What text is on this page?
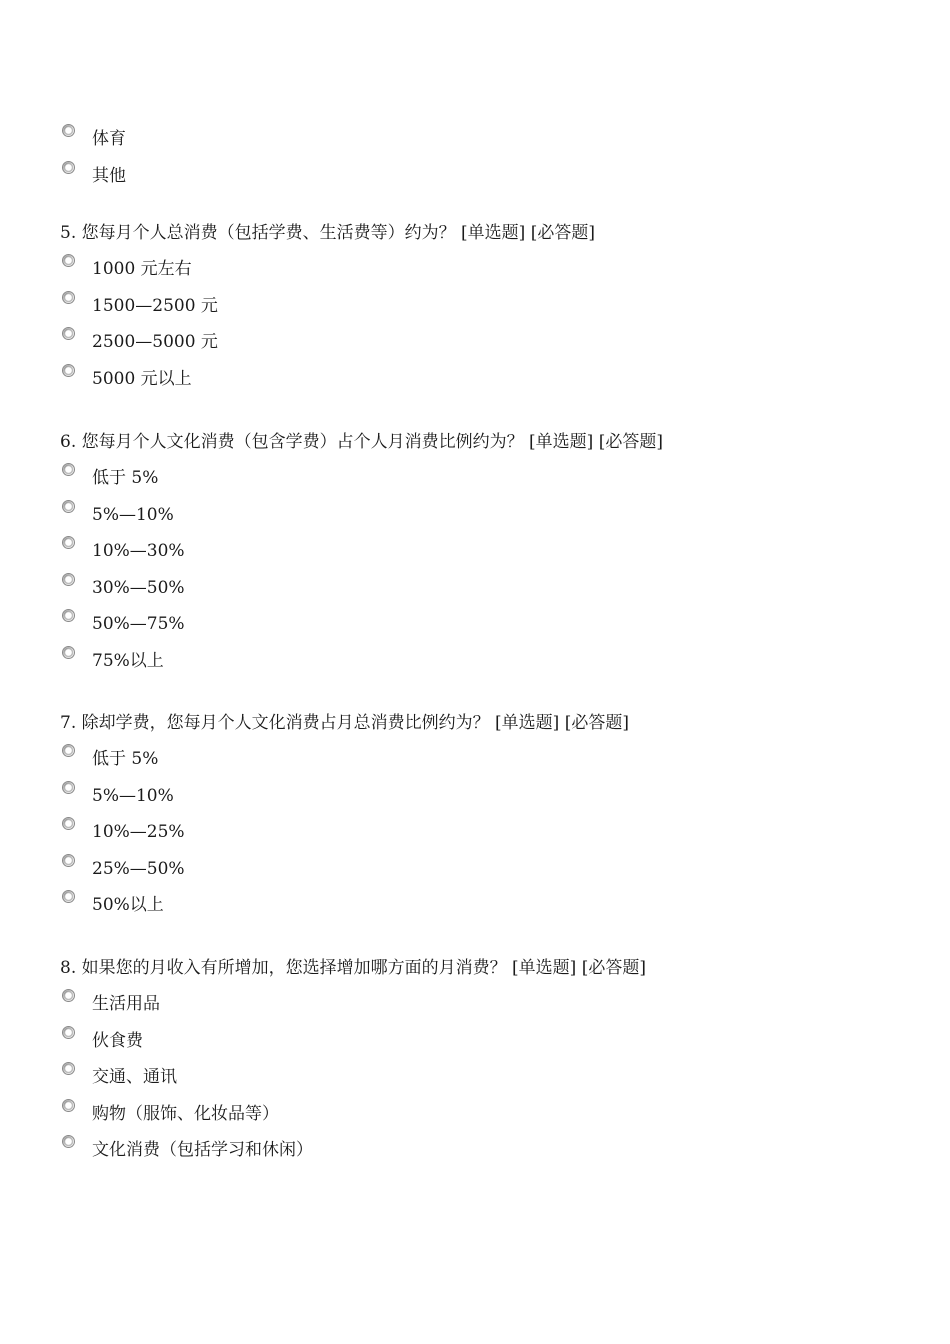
体育
其他
5. 您每月个人总消费（包括学费、生活费等）约为？ [单选题] [必答题]
1000 元左右
1500—2500 元
2500—5000 元
5000 元以上
6. 您每月个人文化消费（包含学费）占个人月消费比例约为？ [单选题] [必答题]
低于 5%
5%—10%
10%—30%
30%—50%
50%—75%
75%以上
7. 除却学费，您每月个人文化消费占月总消费比例约为？ [单选题] [必答题]
低于 5%
5%—10%
10%—25%
25%—50%
50%以上
8. 如果您的月收入有所增加，您选择增加哪方面的月消费？ [单选题] [必答题]
生活用品
伙食费
交通、通讯
购物（服饰、化妆品等）
文化消费（包括学习和休闲）
